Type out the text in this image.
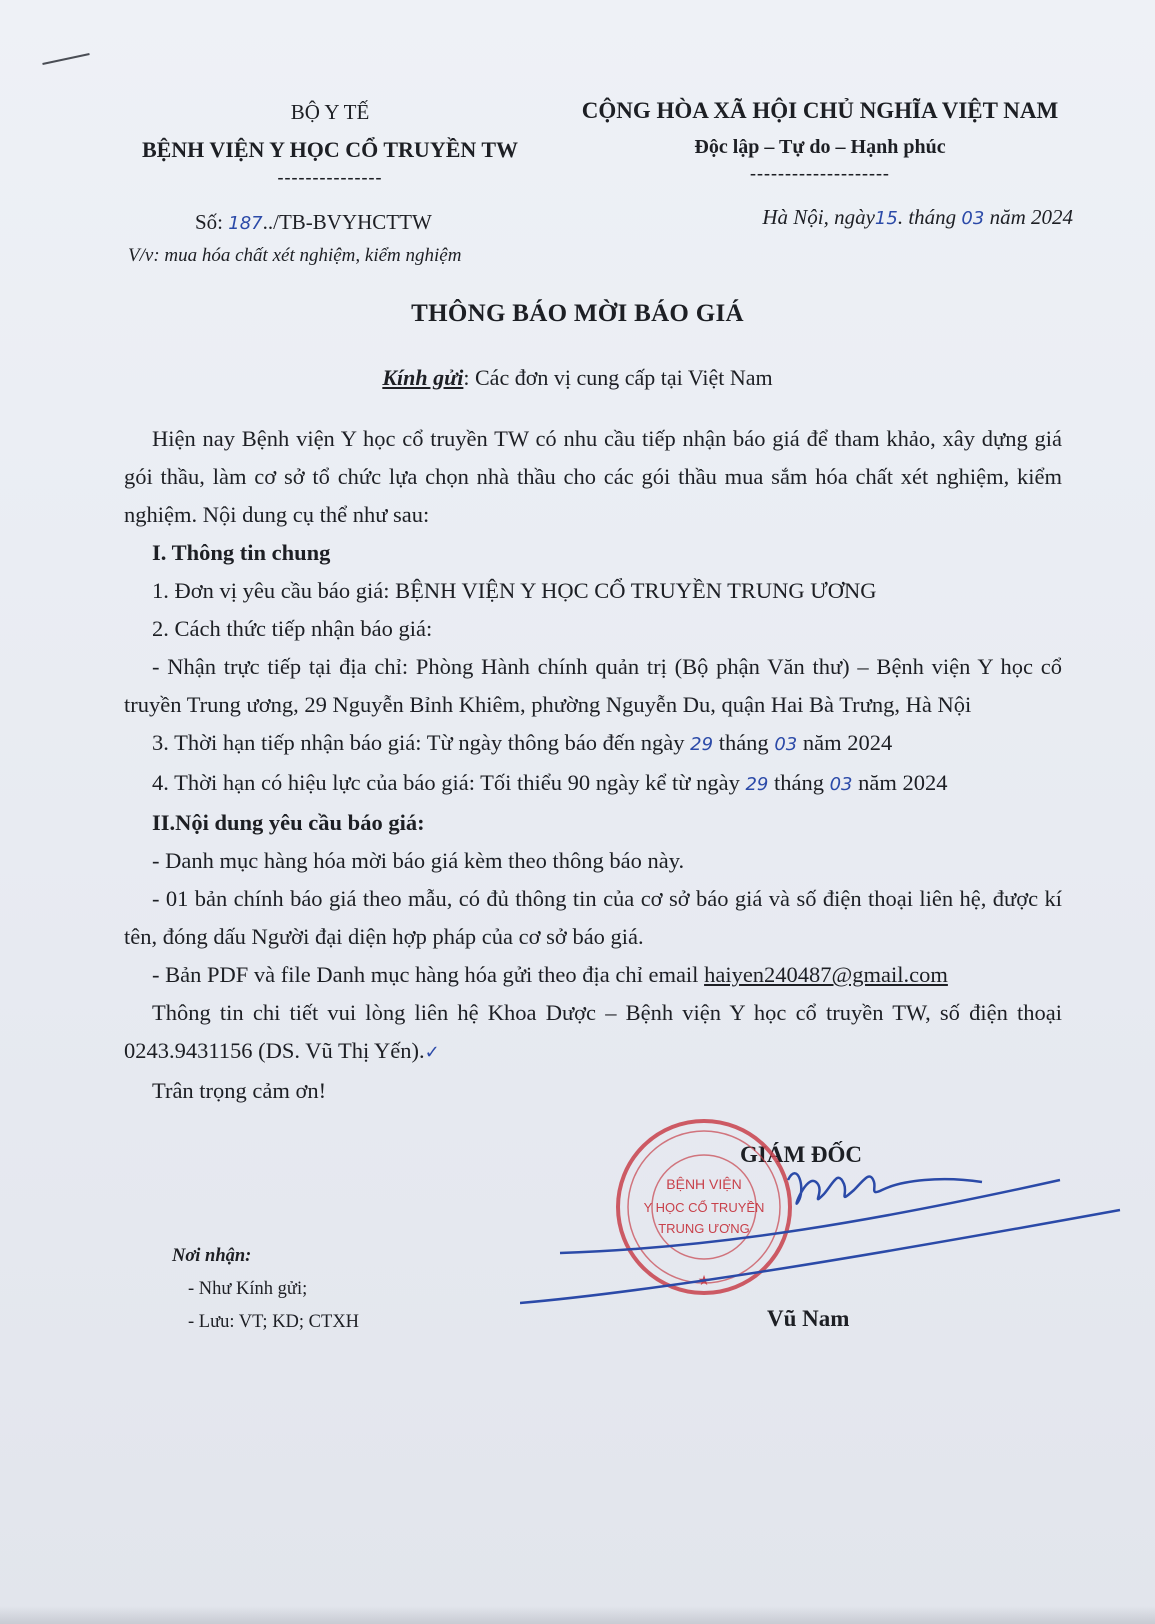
BỘ Y TẾ
BỆNH VIỆN Y HỌC CỔ TRUYỀN TW
---------------
CỘNG HÒA XÃ HỘI CHỦ NGHĨA VIỆT NAM
Độc lập – Tự do – Hạnh phúc
--------------------
Số: 187../TB-BVYHCTTW	Hà Nội, ngày15. tháng 03 năm 2024
V/v: mua hóa chất xét nghiệm, kiểm nghiệm
THÔNG BÁO MỜI BÁO GIÁ
Kính gửi: Các đơn vị cung cấp tại Việt Nam

Hiện nay Bệnh viện Y học cổ truyền TW có nhu cầu tiếp nhận báo giá để tham khảo, xây dựng giá gói thầu, làm cơ sở tổ chức lựa chọn nhà thầu cho các gói thầu mua sắm hóa chất xét nghiệm, kiểm nghiệm. Nội dung cụ thể như sau:

I. Thông tin chung

1. Đơn vị yêu cầu báo giá: BỆNH VIỆN Y HỌC CỔ TRUYỀN TRUNG ƯƠNG

2. Cách thức tiếp nhận báo giá:

- Nhận trực tiếp tại địa chỉ: Phòng Hành chính quản trị (Bộ phận Văn thư) – Bệnh viện Y học cổ truyền Trung ương, 29 Nguyễn Bỉnh Khiêm, phường Nguyễn Du, quận Hai Bà Trưng, Hà Nội

3. Thời hạn tiếp nhận báo giá: Từ ngày thông báo đến ngày 29 tháng 03 năm 2024

4. Thời hạn có hiệu lực của báo giá: Tối thiểu 90 ngày kể từ ngày 29 tháng 03 năm 2024

II.Nội dung yêu cầu báo giá:

- Danh mục hàng hóa mời báo giá kèm theo thông báo này.

- 01 bản chính báo giá theo mẫu, có đủ thông tin của cơ sở báo giá và số điện thoại liên hệ, được kí tên, đóng dấu Người đại diện hợp pháp của cơ sở báo giá.

- Bản PDF và file Danh mục hàng hóa gửi theo địa chỉ email haiyen240487@gmail.com

Thông tin chi tiết vui lòng liên hệ Khoa Dược – Bệnh viện Y học cổ truyền TW, số điện thoại 0243.9431156 (DS. Vũ Thị Yến).✓

Trân trọng cảm ơn!

GIÁM ĐỐC
BỆNH VIỆN
Y HỌC CỔ TRUYỀN
TRUNG ƯƠNG
★
Vũ Nam
Nơi nhận:
- Như Kính gửi;
- Lưu: VT; KD; CTXH
